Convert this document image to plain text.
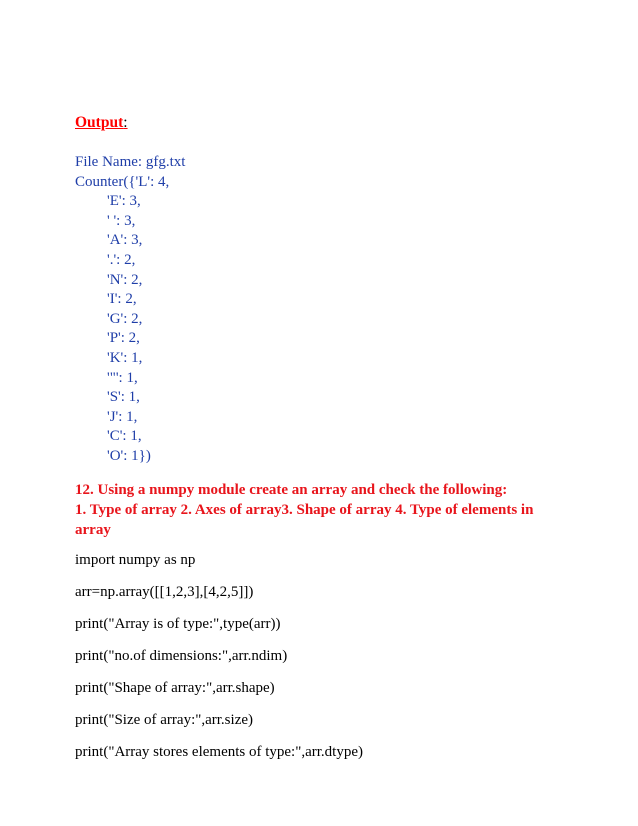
Output:
File Name: gfg.txt
Counter({'L': 4,
'E': 3,
' ': 3,
'A': 3,
'.': 2,
'N': 2,
'I': 2,
'G': 2,
'P': 2,
'K': 1,
'"': 1,
'S': 1,
'J': 1,
'C': 1,
'O': 1})
12. Using a numpy module create an array and check the following:
1. Type of array 2. Axes of array3. Shape of array 4. Type of elements in
array
import numpy as np
arr=np.array([[1,2,3],[4,2,5]])
print("Array is of type:",type(arr))
print("no.of dimensions:",arr.ndim)
print("Shape of array:",arr.shape)
print("Size of array:",arr.size)
print("Array stores elements of type:",arr.dtype)
